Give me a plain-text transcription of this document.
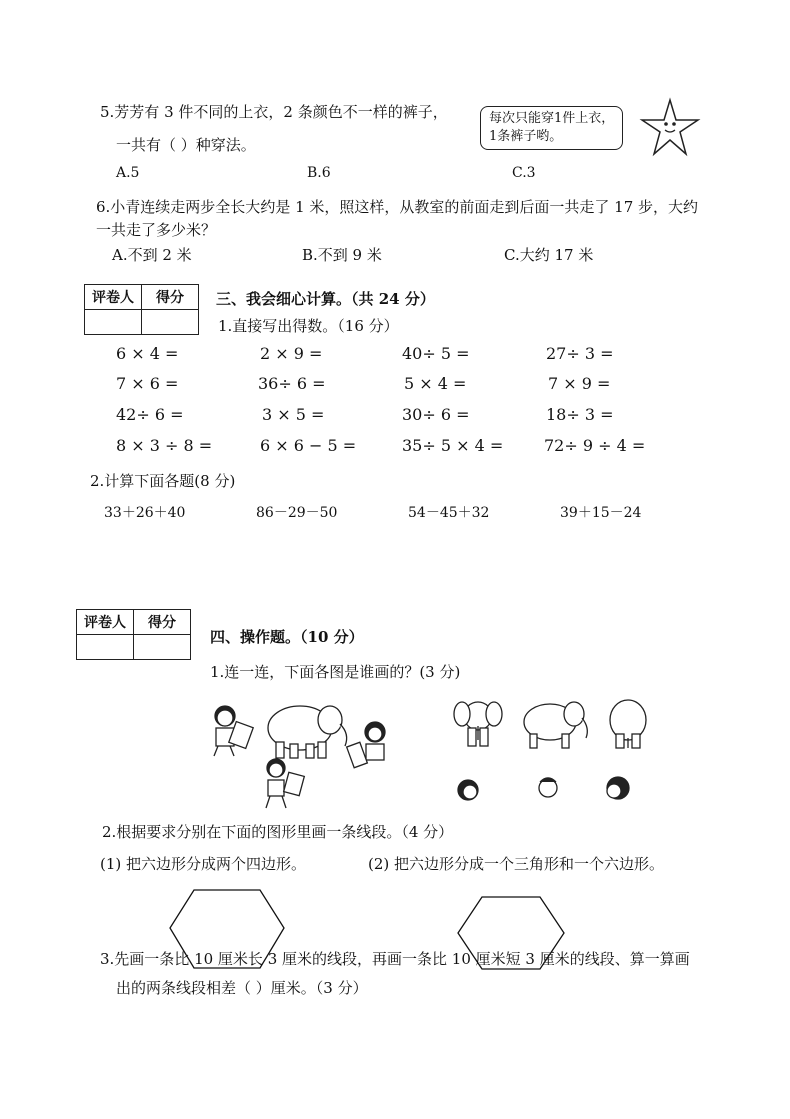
5.芳芳有 3 件不同的上衣，2 条颜色不一样的裤子，
一共有（ ）种穿法。
A.5	B.6	C.3
每次只能穿1件上衣，
1条裤子哟。
6.小青连续走两步全长大约是 1 米，照这样，从教室的前面走到后面一共走了 17 步，大约
一共走了多少米？
A.不到 2 米	B.不到 9 米	C.大约 17 米
评卷人	得分
	三、我会细心计算。（共 24 分）
1.直接写出得数。（16 分）
6 × 4 =	2 × 9 =	40÷ 5 =	27÷ 3 =
7 × 6 =	36÷ 6 =	5 × 4 =	7 × 9 =
42÷ 6 =	3 × 5 =	30÷ 6 =	18÷ 3 =
8 × 3 ÷ 8 =	6 × 6 − 5 =	35÷ 5 × 4 =	72÷ 9 ÷ 4 =
2.计算下面各题(8 分)
33＋26＋40	86－29－50	54－45＋32	39＋15－24
评卷人	得分

四、操作题。（10 分）
1.连一连，下面各图是谁画的？(3 分)
2.根据要求分别在下面的图形里画一条线段。（4 分）
(1) 把六边形分成两个四边形。	(2) 把六边形分成一个三角形和一个六边形。
3.先画一条比 10 厘米长 3 厘米的线段，再画一条比 10 厘米短 3 厘米的线段、算一算画
出的两条线段相差（ ）厘米。（3 分）
